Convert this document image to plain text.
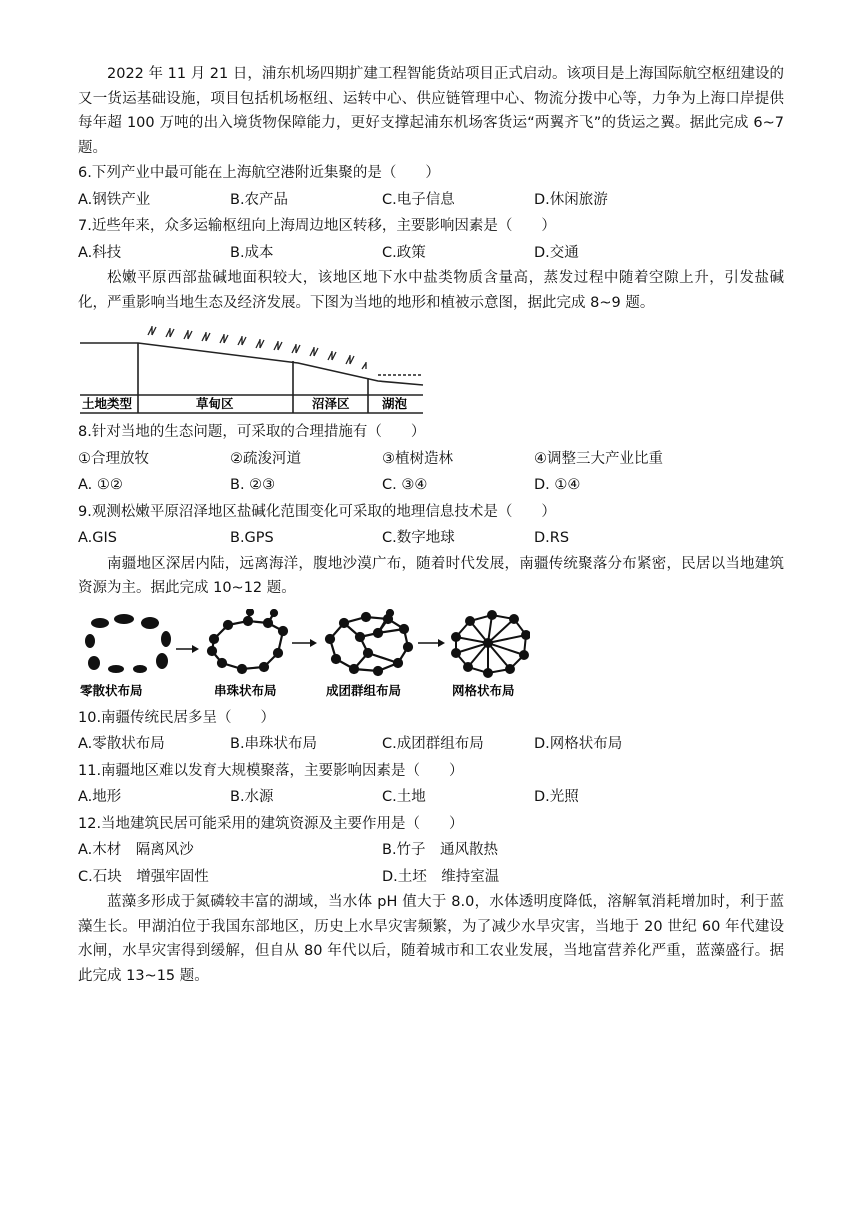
2022 年 11 月 21 日，浦东机场四期扩建工程智能货站项目正式启动。该项目是上海国际航空枢纽建设的又一货运基础设施，项目包括机场枢纽、运转中心、供应链管理中心、物流分拨中心等，力争为上海口岸提供每年超 100 万吨的出入境货物保障能力，更好支撑起浦东机场客货运“两翼齐飞”的货运之翼。据此完成 6~7 题。

6.下列产业中最可能在上海航空港附近集聚的是（　　）
A.钢铁产业	B.农产品	C.电子信息	D.休闲旅游
7.近些年来，众多运输枢纽向上海周边地区转移，主要影响因素是（　　）
A.科技	B.成本	C.政策	D.交通

松嫩平原西部盐碱地面积较大，该地区地下水中盐类物质含量高，蒸发过程中随着空隙上升，引发盐碱化，严重影响当地生态及经济发展。下图为当地的地形和植被示意图，据此完成 8~9 题。

土地类型	草甸区	沼泽区	湖泡
8.针对当地的生态问题，可采取的合理措施有（　　）
①合理放牧	②疏浚河道	③植树造林	④调整三大产业比重
A. ①②	B. ②③	C. ③④	D. ①④
9.观测松嫩平原沼泽地区盐碱化范围变化可采取的地理信息技术是（　　）
A.GIS	B.GPS	C.数字地球	D.RS

南疆地区深居内陆，远离海洋，腹地沙漠广布，随着时代发展，南疆传统聚落分布紧密，民居以当地建筑资源为主。据此完成 10~12 题。

零散状布局	串珠状布局	成团群组布局	网格状布局
10.南疆传统民居多呈（　　）
A.零散状布局	B.串珠状布局	C.成团群组布局	D.网格状布局
11.南疆地区难以发育大规模聚落，主要影响因素是（　　）
A.地形	B.水源	C.土地	D.光照
12.当地建筑民居可能采用的建筑资源及主要作用是（　　）
A.木材　隔离风沙	B.竹子　通风散热
C.石块　增强牢固性	D.土坯　维持室温

蓝藻多形成于氮磷较丰富的湖域，当水体 pH 值大于 8.0，水体透明度降低，溶解氧消耗增加时，利于蓝藻生长。甲湖泊位于我国东部地区，历史上水旱灾害频繁，为了减少水旱灾害，当地于 20 世纪 60 年代建设水闸，水旱灾害得到缓解，但自从 80 年代以后，随着城市和工农业发展，当地富营养化严重，蓝藻盛行。据此完成 13~15 题。
